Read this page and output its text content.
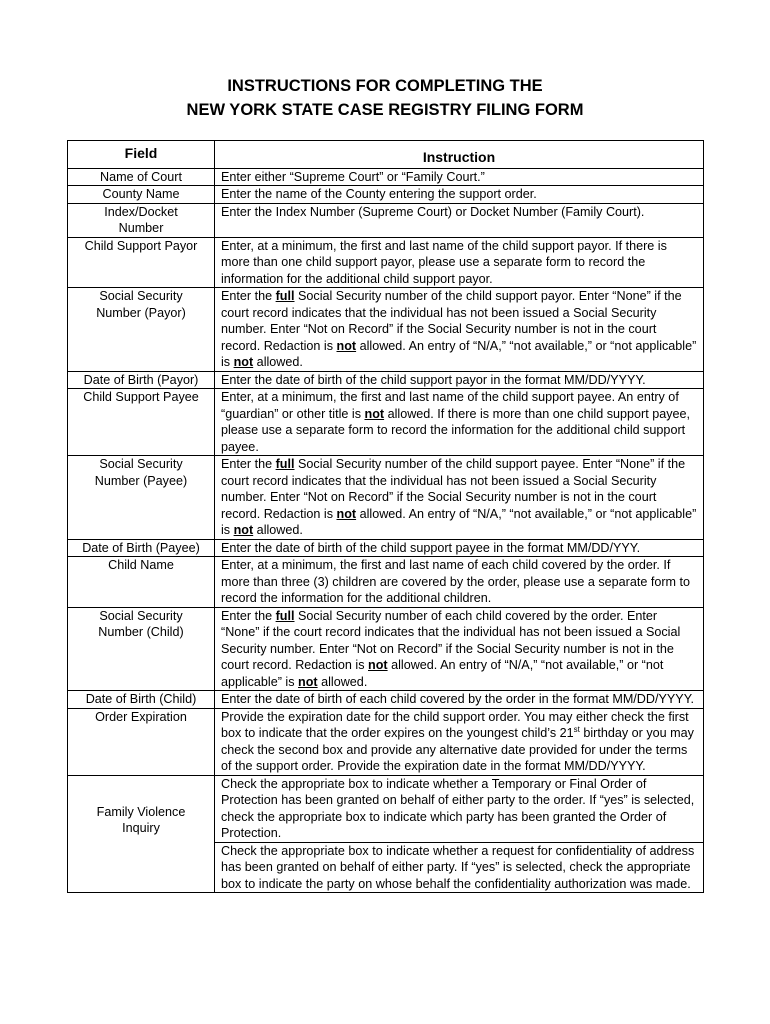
INSTRUCTIONS FOR COMPLETING THE
NEW YORK STATE CASE REGISTRY FILING FORM
Field	Instruction
Name of Court	Enter either “Supreme Court” or “Family Court.”
County Name	Enter the name of the County entering the support order.
Index/Docket Number	Enter the Index Number (Supreme Court) or Docket Number (Family Court).
Child Support Payor	Enter, at a minimum, the first and last name of the child support payor. If there is more than one child support payor, please use a separate form to record the information for the additional child support payor.
Social Security Number (Payor)	Enter the full Social Security number of the child support payor. Enter “None” if the court record indicates that the individual has not been issued a Social Security number. Enter “Not on Record” if the Social Security number is not in the court record. Redaction is not allowed. An entry of “N/A,” “not available,” or “not applicable” is not allowed.
Date of Birth (Payor)	Enter the date of birth of the child support payor in the format MM/DD/YYYY.
Child Support Payee	Enter, at a minimum, the first and last name of the child support payee. An entry of “guardian” or other title is not allowed. If there is more than one child support payee, please use a separate form to record the information for the additional child support payee.
Social Security Number (Payee)	Enter the full Social Security number of the child support payee. Enter “None” if the court record indicates that the individual has not been issued a Social Security number. Enter “Not on Record” if the Social Security number is not in the court record. Redaction is not allowed. An entry of “N/A,” “not available,” or “not applicable” is not allowed.
Date of Birth (Payee)	Enter the date of birth of the child support payee in the format MM/DD/YYY.
Child Name	Enter, at a minimum, the first and last name of each child covered by the order. If more than three (3) children are covered by the order, please use a separate form to record the information for the additional children.
Social Security Number (Child)	Enter the full Social Security number of each child covered by the order. Enter “None” if the court record indicates that the individual has not been issued a Social Security number. Enter “Not on Record” if the Social Security number is not in the court record. Redaction is not allowed. An entry of “N/A,” “not available,” or “not applicable” is not allowed.
Date of Birth (Child)	Enter the date of birth of each child covered by the order in the format MM/DD/YYYY.
Order Expiration	Provide the expiration date for the child support order. You may either check the first box to indicate that the order expires on the youngest child’s 21st birthday or you may check the second box and provide any alternative date provided for under the terms of the support order. Provide the expiration date in the format MM/DD/YYYY.
Family Violence Inquiry	Check the appropriate box to indicate whether a Temporary or Final Order of Protection has been granted on behalf of either party to the order. If “yes” is selected, check the appropriate box to indicate which party has been granted the Order of Protection.
	Check the appropriate box to indicate whether a request for confidentiality of address has been granted on behalf of either party. If “yes” is selected, check the appropriate box to indicate the party on whose behalf the confidentiality authorization was made.
